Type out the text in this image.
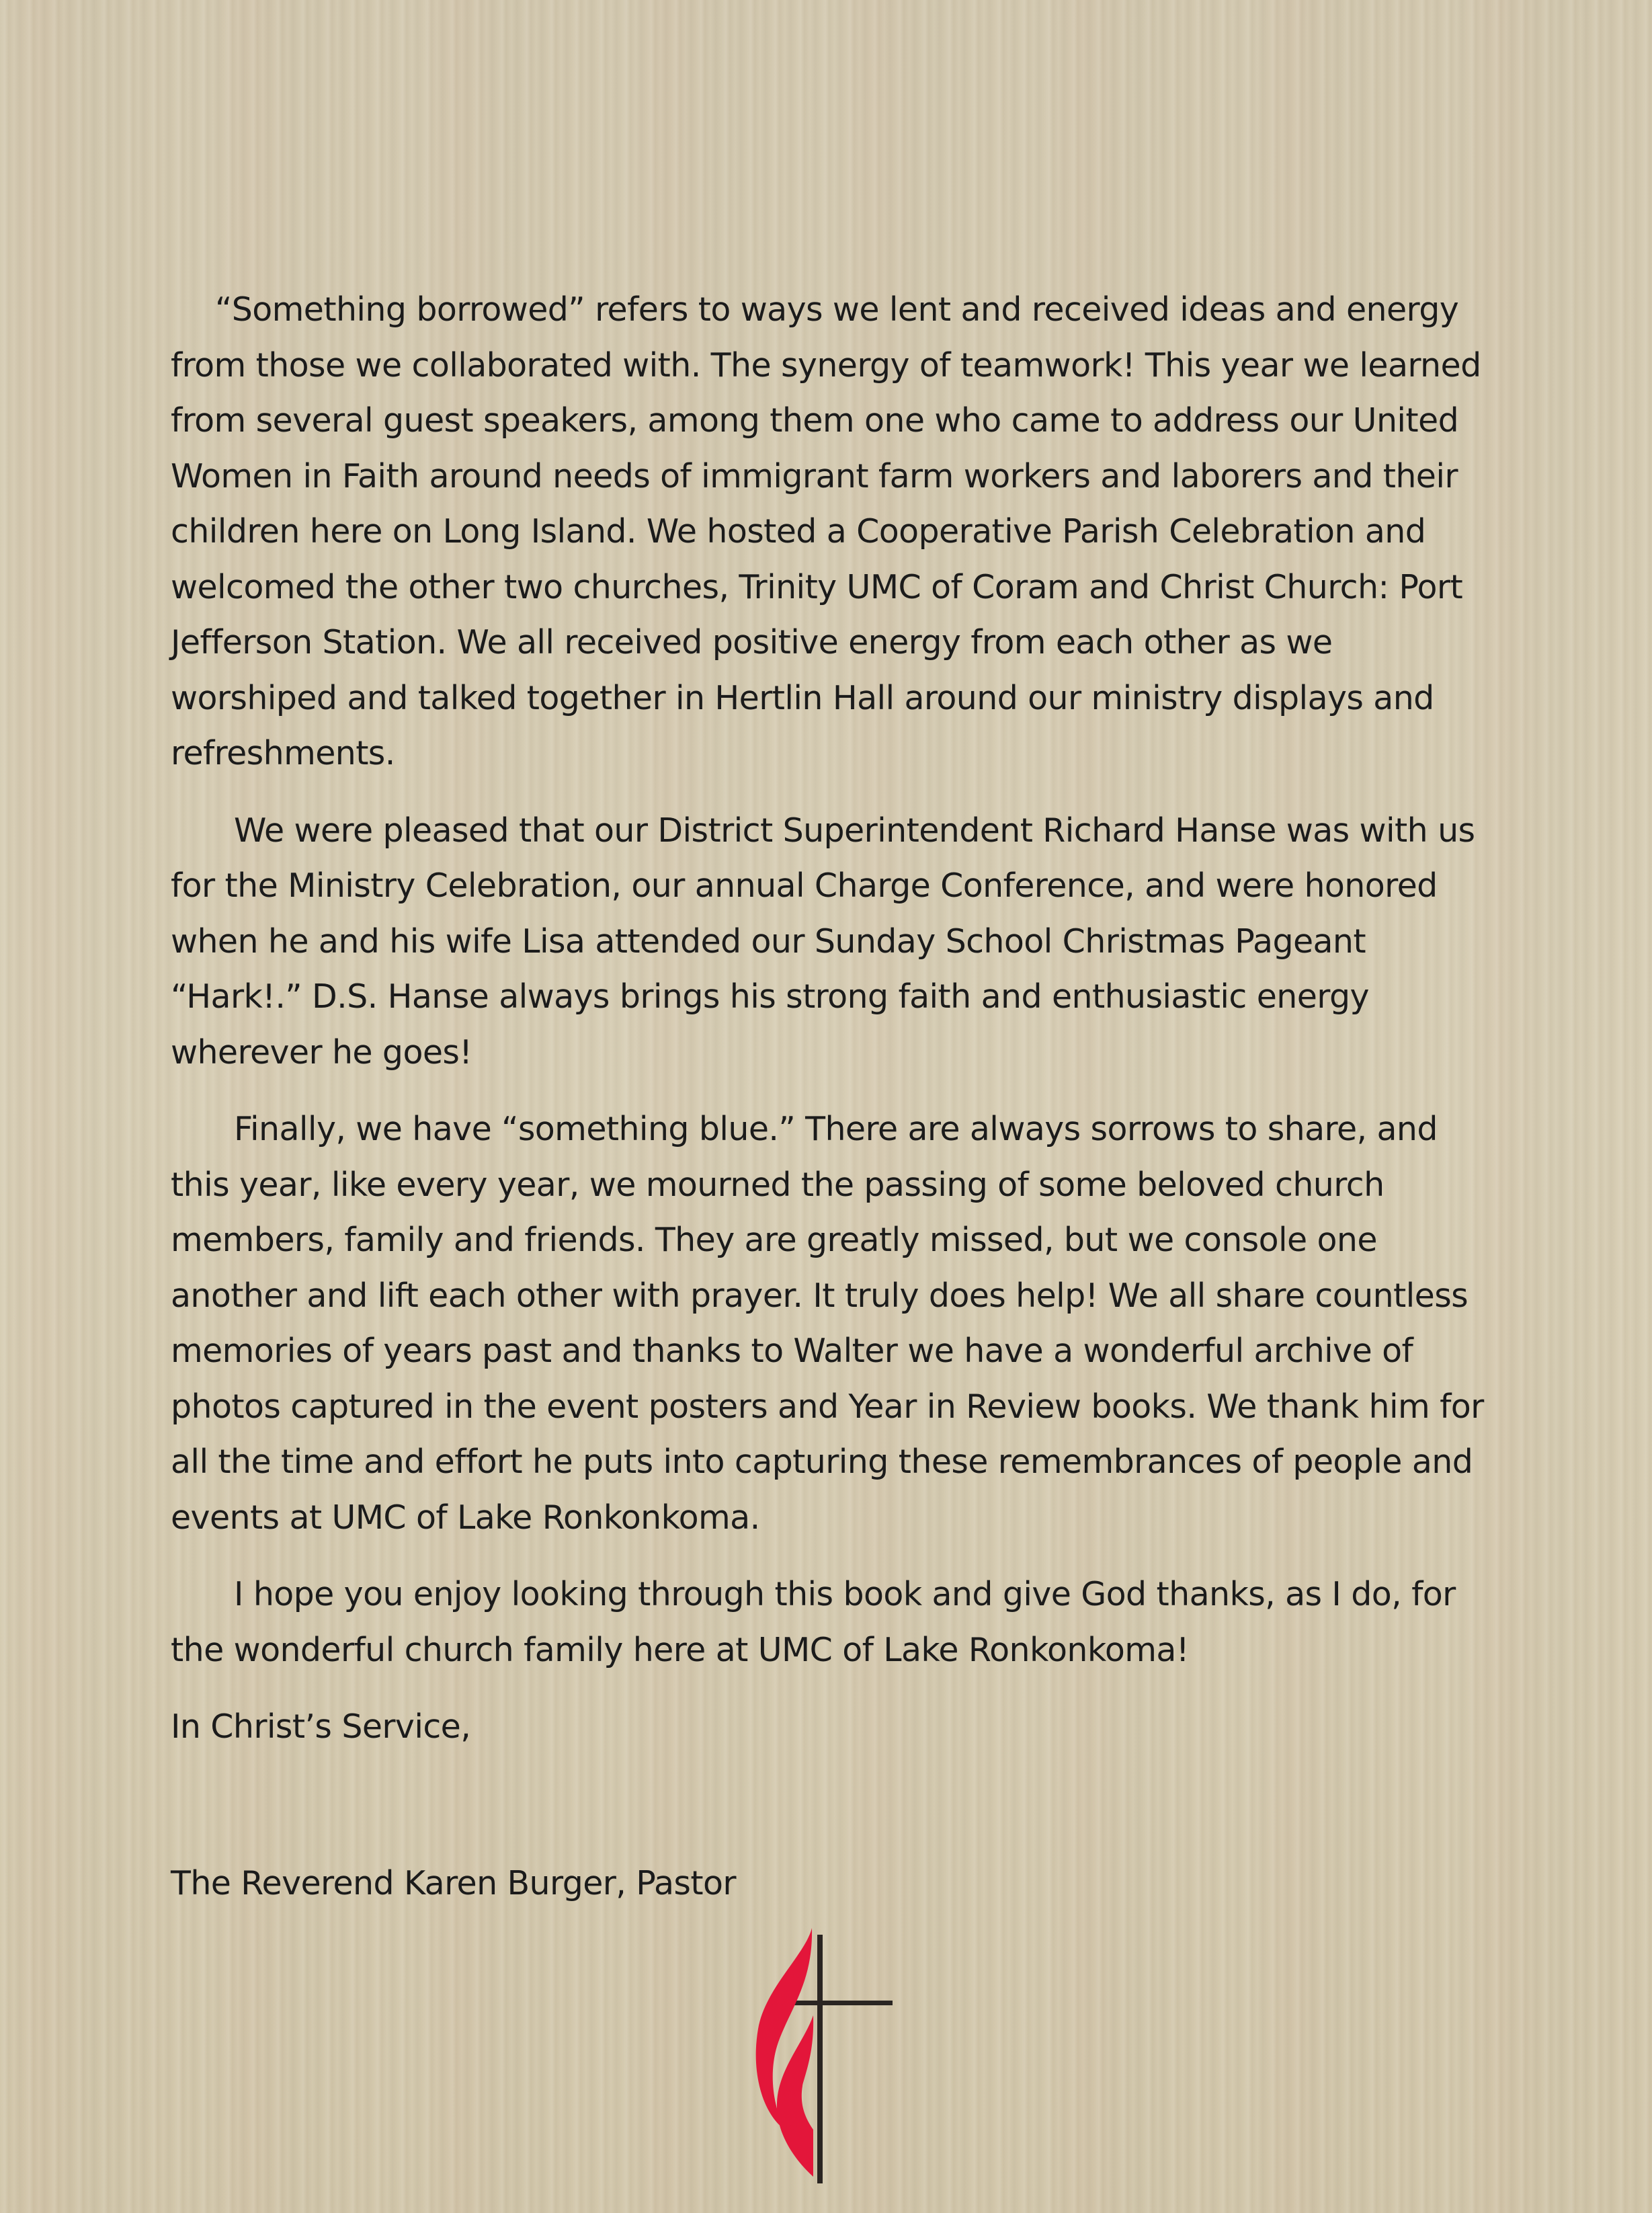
“Something borrowed” refers to ways we lent and received ideas and energy from those we collaborated with. The synergy of teamwork! This year we learned from several guest speakers, among them one who came to address our United Women in Faith around needs of immigrant farm workers and laborers and their children here on Long Island. We hosted a Cooperative Parish Celebration and welcomed the other two churches, Trinity UMC of Coram and Christ Church: Port Jefferson Station. We all received positive energy from each other as we worshiped and talked together in Hertlin Hall around our ministry displays and refreshments.

We were pleased that our District Superintendent Richard Hanse was with us for the Ministry Celebration, our annual Charge Conference, and were honored when he and his wife Lisa attended our Sunday School Christmas Pageant “Hark!.” D.S. Hanse always brings his strong faith and enthusiastic energy wherever he goes!

Finally, we have “something blue.” There are always sorrows to share, and this year, like every year, we mourned the passing of some beloved church members, family and friends. They are greatly missed, but we console one another and lift each other with prayer. It truly does help! We all share countless memories of years past and thanks to Walter we have a wonderful archive of photos captured in the event posters and Year in Review books. We thank him for all the time and effort he puts into capturing these remembrances of people and events at UMC of Lake Ronkonkoma.

I hope you enjoy looking through this book and give God thanks, as I do, for the wonderful church family here at UMC of Lake Ronkonkoma!

In Christ’s Service,

The Reverend Karen Burger, Pastor
